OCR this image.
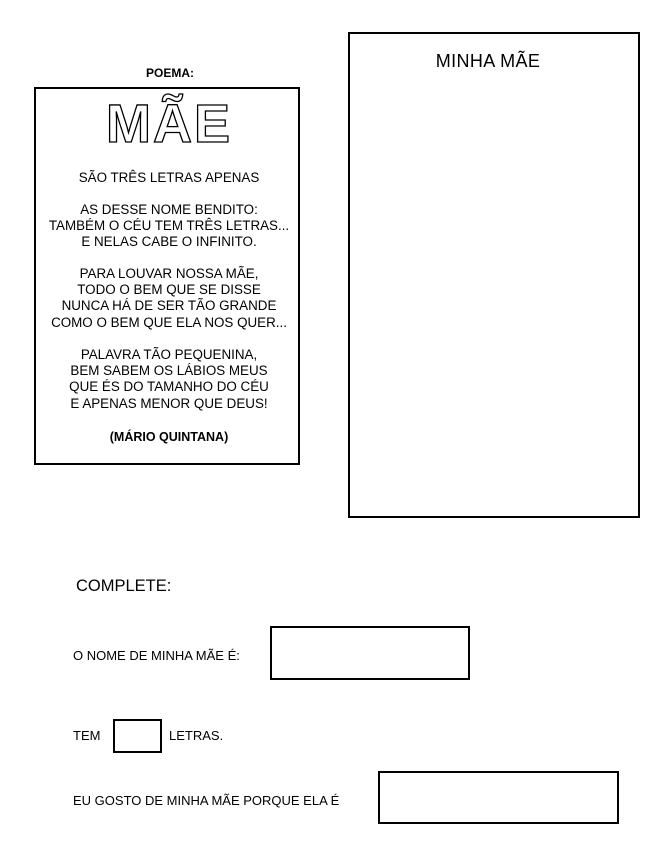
POEMA:
MÃE
SÃO TRÊS LETRAS APENAS
AS DESSE NOME BENDITO:
TAMBÉM O CÉU TEM TRÊS LETRAS...
E NELAS CABE O INFINITO.
PARA LOUVAR NOSSA MÃE,
TODO O BEM QUE SE DISSE
NUNCA HÁ DE SER TÃO GRANDE
COMO O BEM QUE ELA NOS QUER...
PALAVRA TÃO PEQUENINA,
BEM SABEM OS LÁBIOS MEUS
QUE ÉS DO TAMANHO DO CÉU
E APENAS MENOR QUE DEUS!
(MÁRIO QUINTANA)
MINHA MÃE
COMPLETE:
O NOME DE MINHA MÃE É:
TEM	LETRAS.
EU GOSTO DE MINHA MÃE PORQUE ELA É
